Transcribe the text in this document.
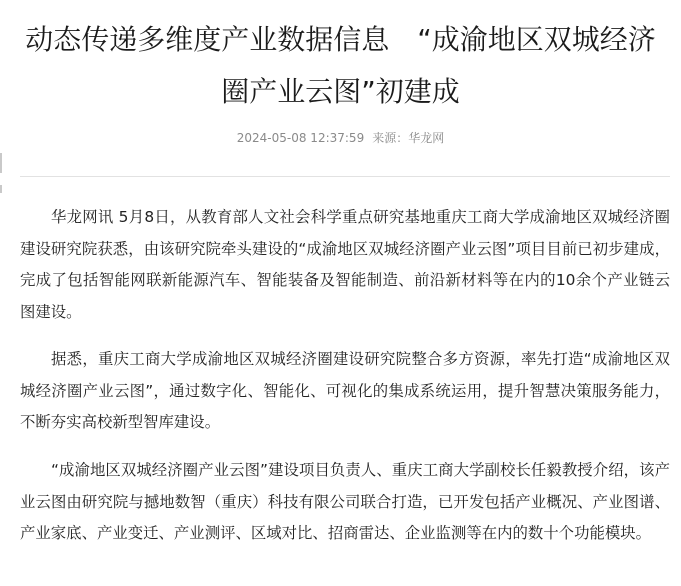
动态传递多维度产业数据信息　“成渝地区双城经济圈产业云图”初建成
2024-05-08 12:37:59 来源：华龙网

华龙网讯 5月8日，从教育部人文社会科学重点研究基地重庆工商大学成渝地区双城经济圈建设研究院获悉，由该研究院牵头建设的“成渝地区双城经济圈产业云图”项目目前已初步建成，完成了包括智能网联新能源汽车、智能装备及智能制造、前沿新材料等在内的10余个产业链云图建设。

据悉，重庆工商大学成渝地区双城经济圈建设研究院整合多方资源，率先打造“成渝地区双城经济圈产业云图”，通过数字化、智能化、可视化的集成系统运用，提升智慧决策服务能力，不断夯实高校新型智库建设。

“成渝地区双城经济圈产业云图”建设项目负责人、重庆工商大学副校长任毅教授介绍，该产业云图由研究院与撼地数智（重庆）科技有限公司联合打造，已开发包括产业概况、产业图谱、产业家底、产业变迁、产业测评、区域对比、招商雷达、企业监测等在内的数十个功能模块。
